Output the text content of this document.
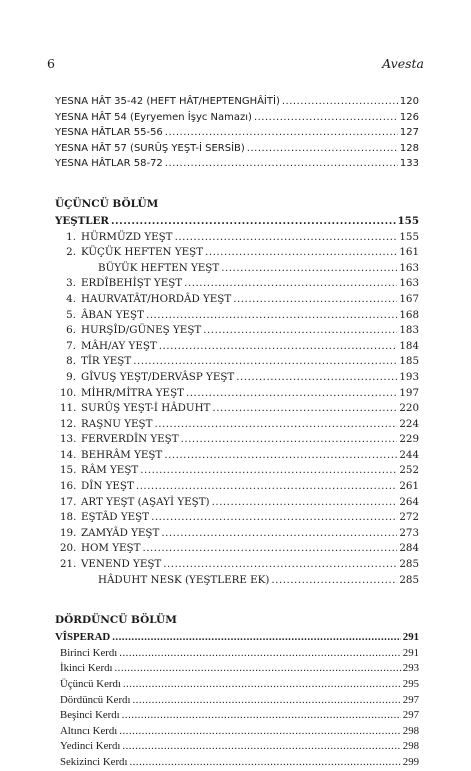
6	Avesta
YESNA HÂT 35-42 (HEFT HÂT/HEPTENGHÂİTİ) .....	120
YESNA HÂT 54 (Eyryemen İşyc Namazı) .....	126
YESNA HÂTLAR 55-56 .....	127
YESNA HÂT 57 (SURÛŞ YEŞT-İ SERSİB) .....	128
YESNA HÂTLAR 58-72 .....	133
ÜÇÜNCÜ BÖLÜM
YEŞTLER .....	155
1. HÜRMÜZD YEŞT .....	155
2. KÜÇÜK HEFTEN YEŞT .....	161
BÜYÜK HEFTEN YEŞT .....	163
3. ERDÎBEHİŞT YEŞT .....	163
4. HAURVATÂT/HORDÂD YEŞT .....	167
5. ÂBAN YEŞT .....	168
6. HURŞÎD/GÜNEŞ YEŞT .....	183
7. MÂH/AY YEŞT .....	184
8. TÎR YEŞT .....	185
9. GÎVUŞ YEŞT/DERVÂSP YEŞT .....	193
10. MİHR/MİTRA YEŞT .....	197
11. SURÛŞ YEŞT-İ HÂDUHT .....	220
12. RAŞNU YEŞT .....	224
13. FERVERDÎN YEŞT .....	229
14. BEHRÂM YEŞT .....	244
15. RÂM YEŞT .....	252
16. DÎN YEŞT .....	261
17. ART YEŞT (AŞAYİ YEŞT) .....	264
18. EŞTÂD YEŞT .....	272
19. ZAMYÂD YEŞT .....	273
20. HOM YEŞT .....	284
21. VENEND YEŞT .....	285
HÂDUHT NESK (YEŞTLERE EK) .....	285
DÖRDÜNCÜ BÖLÜM
VÎSPERAD .....	291
Birinci Kerdı .....	291
İkinci Kerdı .....	293
Üçüncü Kerdı .....	295
Dördüncü Kerdı .....	297
Beşinci Kerdı .....	297
Altıncı Kerdı .....	298
Yedinci Kerdı .....	298
Sekizinci Kerdı .....	299
